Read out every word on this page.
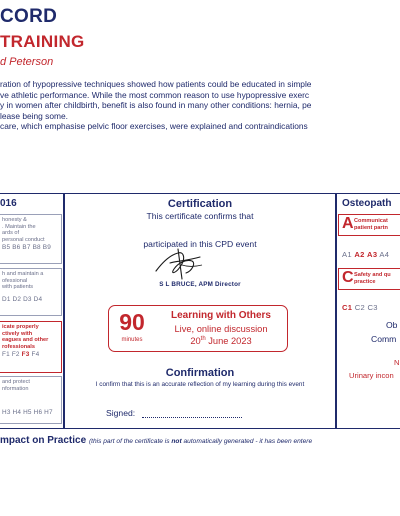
CORD
TRAINING
d Peterson
ration of hypopressive techniques showed how patients could be educated in simple
ve athletic performance. While the most common reason to use hypopressive exerc
y in women after childbirth, benefit is also found in many other conditions: hernia, pe
lease being some.
care, which emphasise pelvic floor exercises, were explained and contraindications
016
honesty &
. Maintain the
ards of
personal conduct
B5 B6 B7 B8 B9
h and maintain a
ofessional
with patients
D1 D2 D3 D4
icate properly
ctively with
eagues and other
rofessionals
F1 F2 F3 F4
and protect
nformation
H3 H4 H5 H6 H7
Certification
This certificate confirms that
participated in this CPD event
S L BRUCE, APM Director
90
minutes
Learning with Others
Live, online discussion
20th June 2023
Confirmation
I confirm that this is an accurate reflection of my learning during this event
Signed:
Osteopath
A Communicat
patient partn
A1 A2 A3 A4
C Safety and qu
practice
C1 C2 C3
Ob
Comm
N
Urinary incon
mpact on Practice (this part of the certificate is not automatically generated - it has been entere
